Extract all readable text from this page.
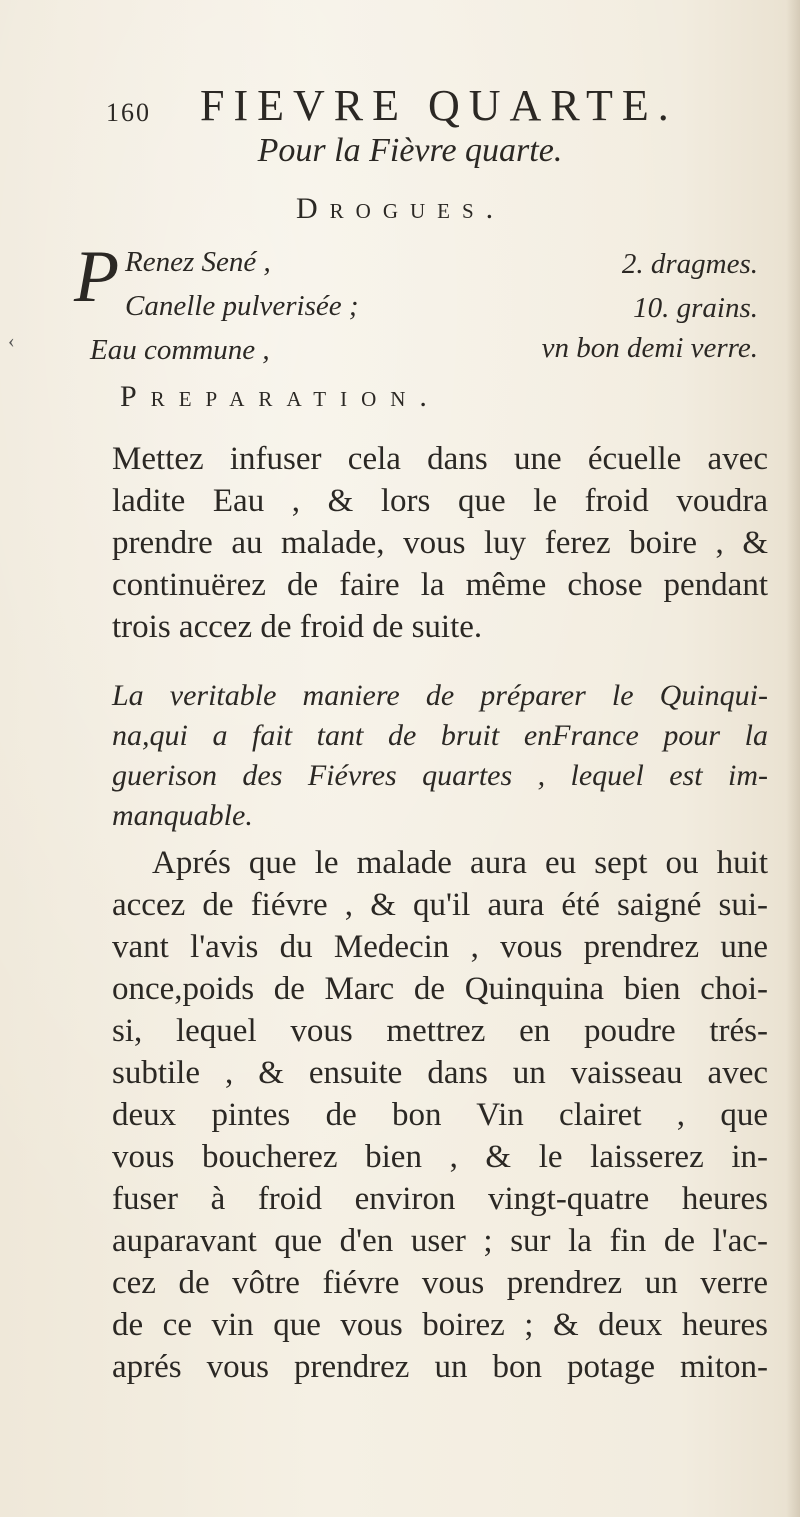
160 FIEVRE QUARTE.
Pour la Fièvre quarte.
Drogues.
P
‹
Renez Sené ,	2. dragmes.
Canelle pulverisée ;	10. grains.
Eau commune ,	vn bon demi verre.
Preparation.
Mettez infuser cela dans une écuelle avec
ladite Eau , & lors que le froid voudra
prendre au malade, vous luy ferez boire , &
continuërez de faire la même chose pendant
trois accez de froid de suite.
La veritable maniere de préparer le Quinqui-
na,qui a fait tant de bruit enFrance pour la
guerison des Fiévres quartes , lequel est im-
manquable.
Aprés que le malade aura eu sept ou huit
accez de fiévre , & qu'il aura été saigné sui-
vant l'avis du Medecin , vous prendrez une
once,poids de Marc de Quinquina bien choi-
si, lequel vous mettrez en poudre trés-
subtile , & ensuite dans un vaisseau avec
deux pintes de bon Vin clairet , que
vous boucherez bien , & le laisserez in-
fuser à froid environ vingt-quatre heures
auparavant que d'en user ; sur la fin de l'ac-
cez de vôtre fiévre vous prendrez un verre
de ce vin que vous boirez ; & deux heures
aprés vous prendrez un bon potage miton-
